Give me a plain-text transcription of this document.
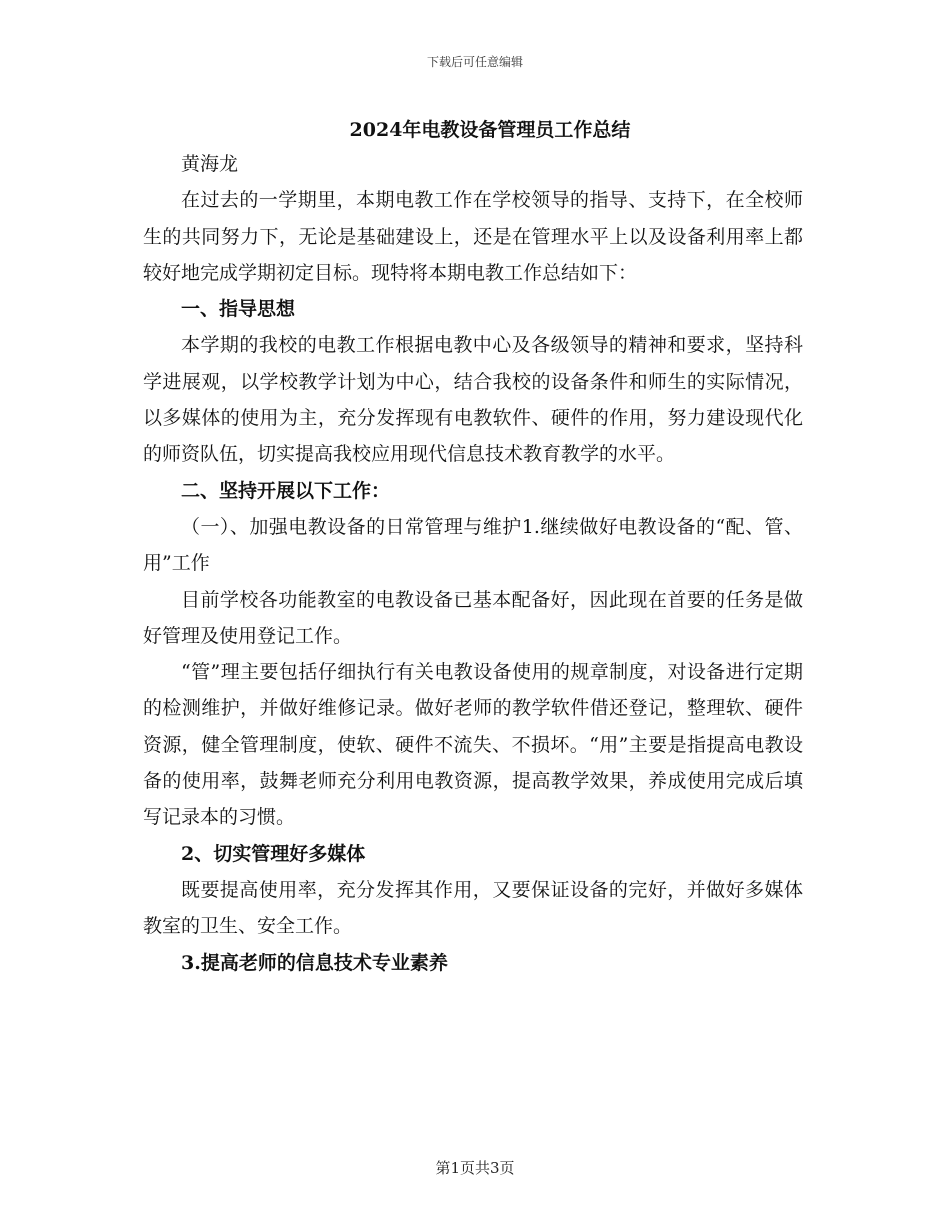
下载后可任意编辑
2024年电教设备管理员工作总结

黄海龙

在过去的一学期里，本期电教工作在学校领导的指导、支持下，在全校师生的共同努力下，无论是基础建设上，还是在管理水平上以及设备利用率上都较好地完成学期初定目标。现特将本期电教工作总结如下：

一、指导思想

本学期的我校的电教工作根据电教中心及各级领导的精神和要求，坚持科学进展观，以学校教学计划为中心，结合我校的设备条件和师生的实际情况，以多媒体的使用为主，充分发挥现有电教软件、硬件的作用，努力建设现代化的师资队伍，切实提高我校应用现代信息技术教育教学的水平。

二、坚持开展以下工作：

（一）、加强电教设备的日常管理与维护1.继续做好电教设备的“配、管、用”工作

目前学校各功能教室的电教设备已基本配备好，因此现在首要的任务是做好管理及使用登记工作。

“管”理主要包括仔细执行有关电教设备使用的规章制度，对设备进行定期的检测维护，并做好维修记录。做好老师的教学软件借还登记，整理软、硬件资源，健全管理制度，使软、硬件不流失、不损坏。“用”主要是指提高电教设备的使用率，鼓舞老师充分利用电教资源，提高教学效果，养成使用完成后填写记录本的习惯。

2、切实管理好多媒体

既要提高使用率，充分发挥其作用，又要保证设备的完好，并做好多媒体教室的卫生、安全工作。

3.提高老师的信息技术专业素养

第1页共3页
